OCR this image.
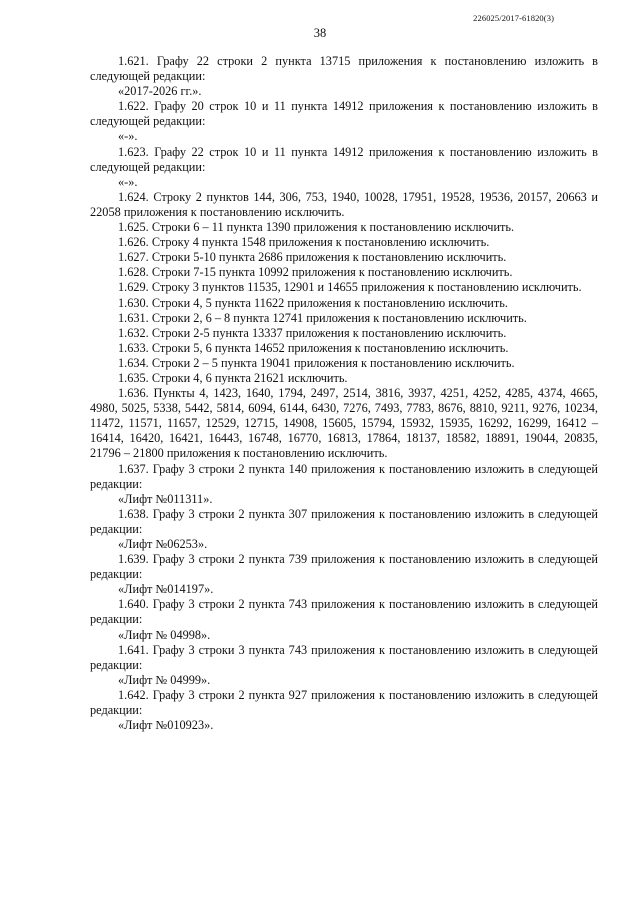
226025/2017-61820(3)
38

1.621. Графу 22 строки 2 пункта 13715 приложения к постановлению изложить в следующей редакции:

«2017-2026 гг.».

1.622. Графу 20 строк 10 и 11 пункта 14912 приложения к постановлению изложить в следующей редакции:

«-».

1.623. Графу 22 строк 10 и 11 пункта 14912 приложения к постановлению изложить в следующей редакции:

«-».

1.624. Строку 2 пунктов 144, 306, 753, 1940, 10028, 17951, 19528, 19536, 20157, 20663 и 22058 приложения к постановлению исключить.

1.625. Строки 6 – 11 пункта 1390 приложения к постановлению исключить.

1.626. Строку 4 пункта 1548 приложения к постановлению исключить.

1.627. Строки 5-10 пункта 2686 приложения к постановлению исключить.

1.628. Строки 7-15 пункта 10992 приложения к постановлению исключить.

1.629. Строку 3 пунктов 11535, 12901 и 14655 приложения к постановлению исключить.

1.630. Строки 4, 5 пункта 11622 приложения к постановлению исключить.

1.631. Строки 2, 6 – 8 пункта 12741 приложения к постановлению исключить.

1.632. Строки 2-5 пункта 13337 приложения к постановлению исключить.

1.633. Строки 5, 6 пункта 14652 приложения к постановлению исключить.

1.634. Строки 2 – 5 пункта 19041 приложения к постановлению исключить.

1.635. Строки 4, 6 пункта 21621 исключить.

1.636. Пункты 4, 1423, 1640, 1794, 2497, 2514, 3816, 3937, 4251, 4252, 4285, 4374, 4665, 4980, 5025, 5338, 5442, 5814, 6094, 6144, 6430, 7276, 7493, 7783, 8676, 8810, 9211, 9276, 10234, 11472, 11571, 11657, 12529, 12715, 14908, 15605, 15794, 15932, 15935, 16292, 16299, 16412 – 16414, 16420, 16421, 16443, 16748, 16770, 16813, 17864, 18137, 18582, 18891, 19044, 20835, 21796 – 21800 приложения к постановлению исключить.

1.637. Графу 3 строки 2 пункта 140 приложения к постановлению изложить в следующей редакции:

«Лифт №011311».

1.638. Графу 3 строки 2 пункта 307 приложения к постановлению изложить в следующей редакции:

«Лифт №06253».

1.639. Графу 3 строки 2 пункта 739 приложения к постановлению изложить в следующей редакции:

«Лифт №014197».

1.640. Графу 3 строки 2 пункта 743 приложения к постановлению изложить в следующей редакции:

«Лифт № 04998».

1.641. Графу 3 строки 3 пункта 743 приложения к постановлению изложить в следующей редакции:

«Лифт № 04999».

1.642. Графу 3 строки 2 пункта 927 приложения к постановлению изложить в следующей редакции:

«Лифт №010923».
